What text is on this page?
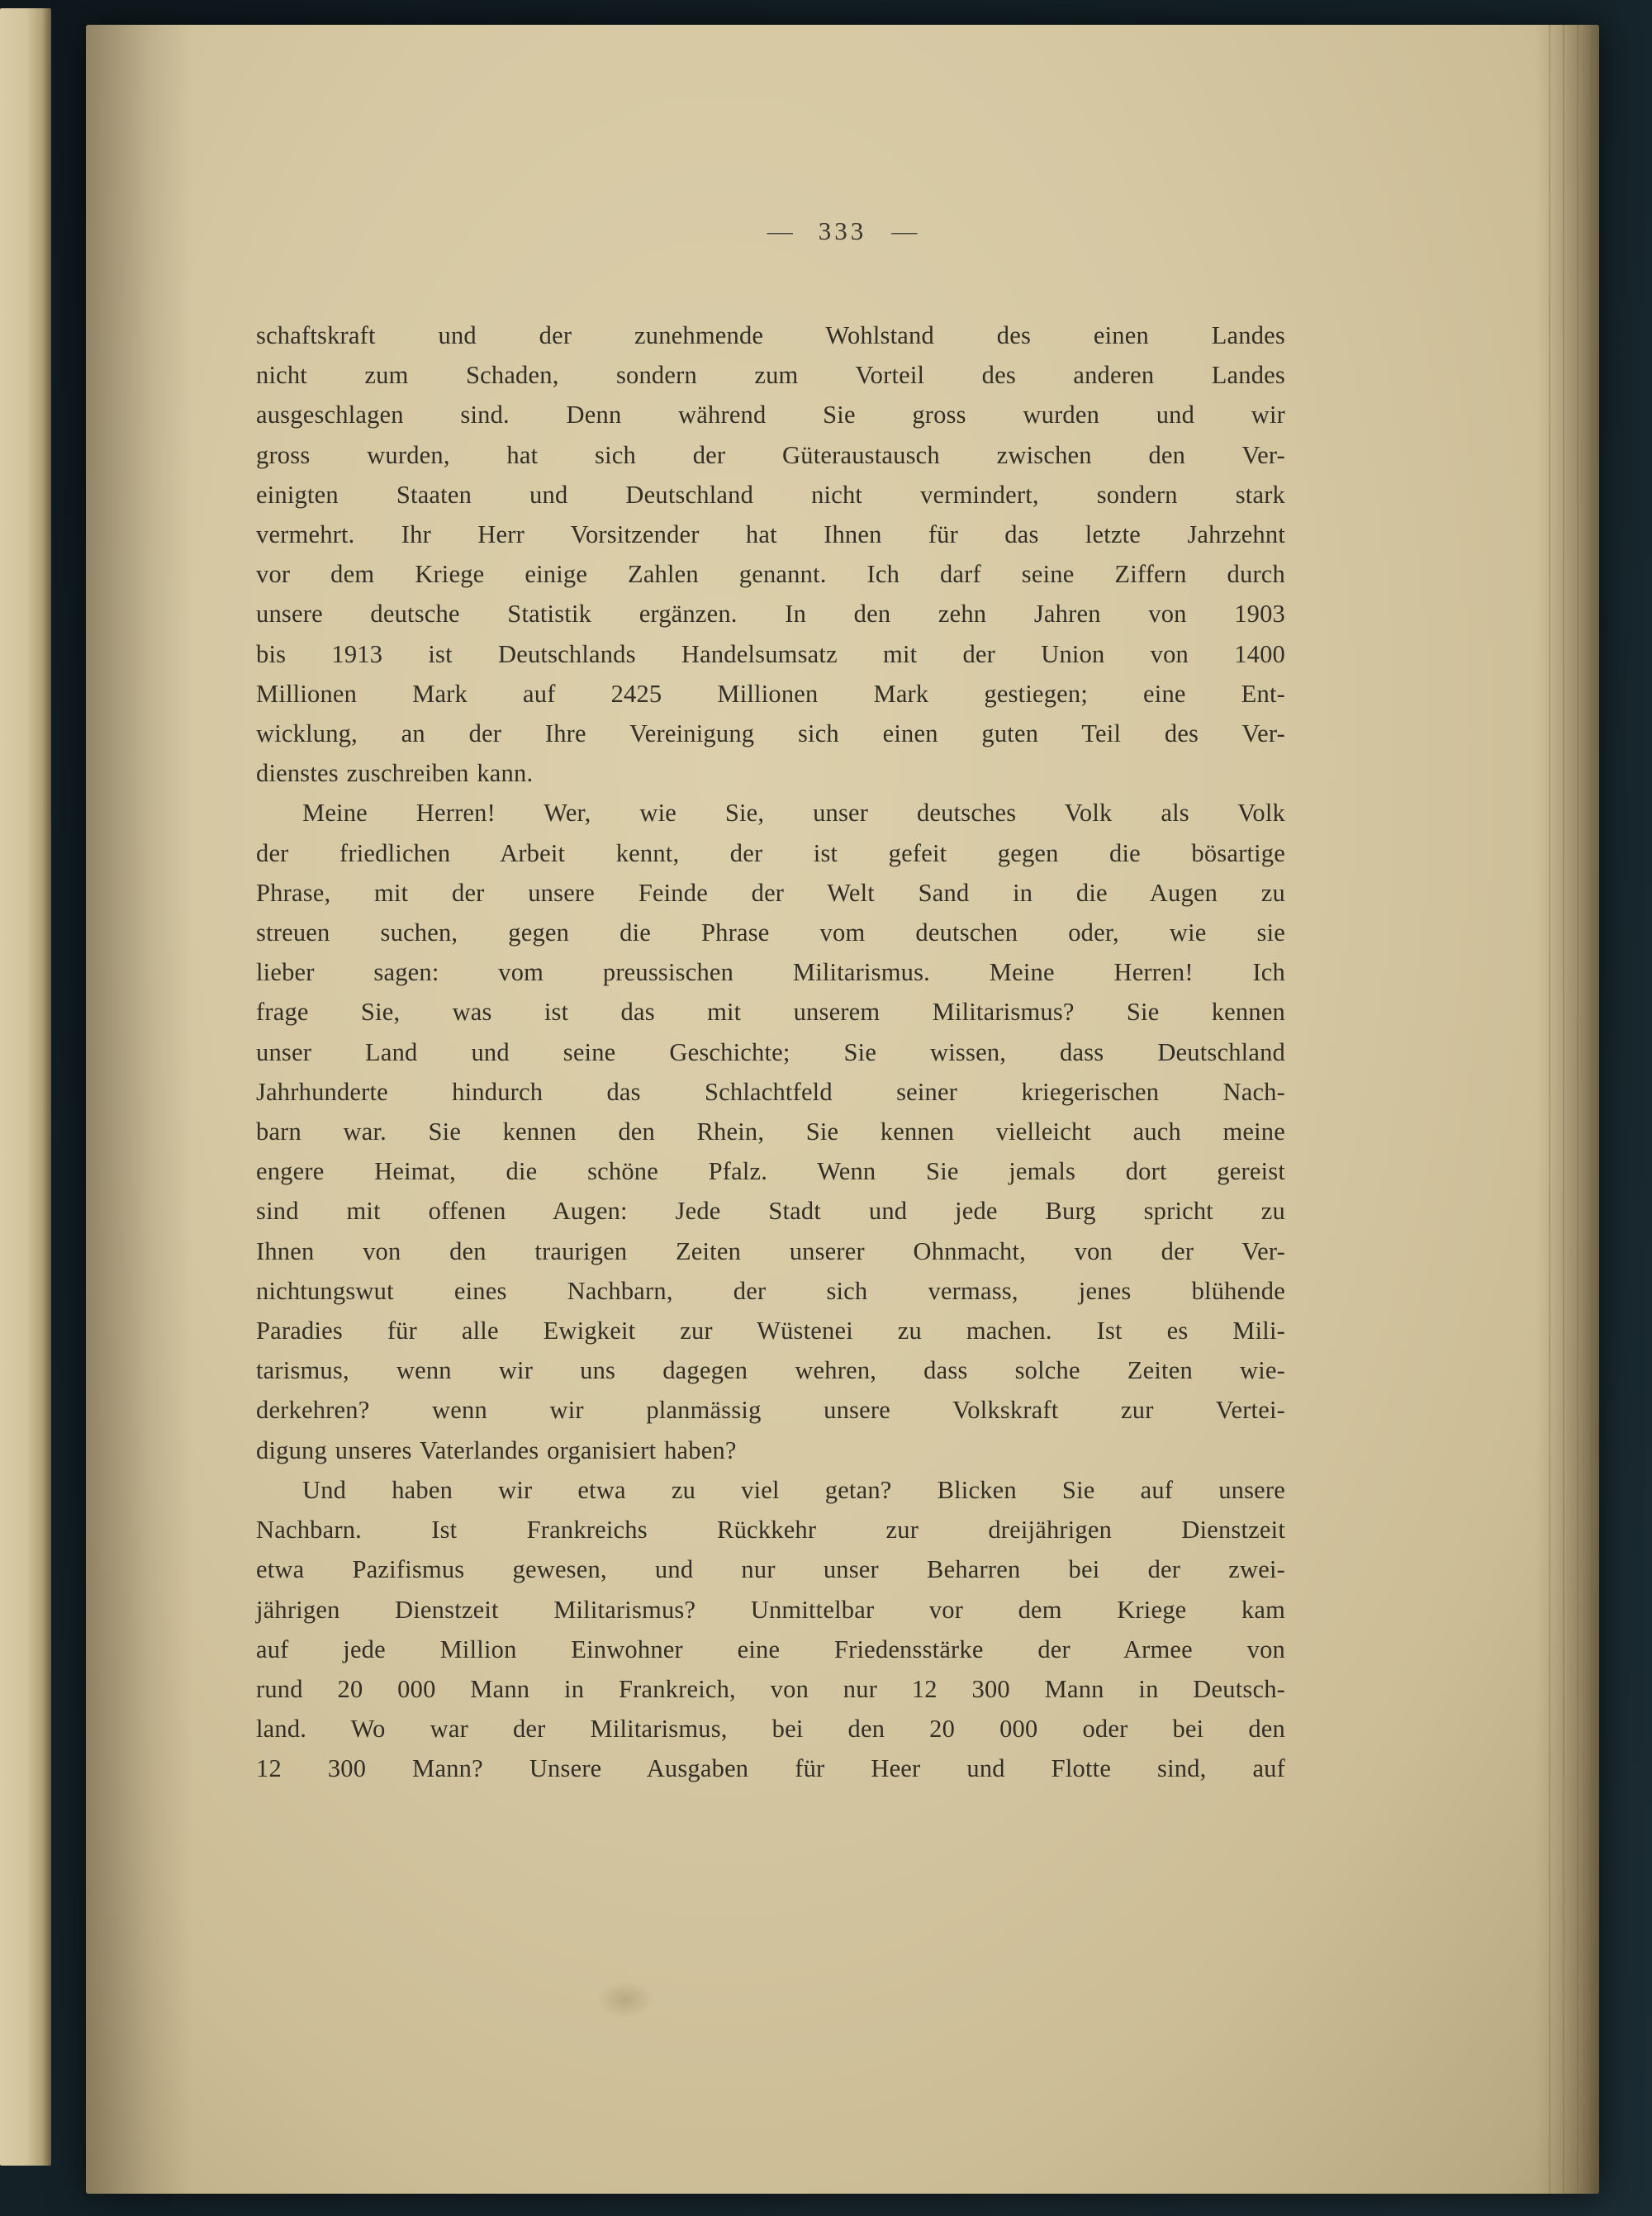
— 333 —

schaftskraft und der zunehmende Wohlstand des einen Landes
nicht zum Schaden, sondern zum Vorteil des anderen Landes
ausgeschlagen sind. Denn während Sie gross wurden und wir
gross wurden, hat sich der Güteraustausch zwischen den Ver-
einigten Staaten und Deutschland nicht vermindert, sondern stark
vermehrt. Ihr Herr Vorsitzender hat Ihnen für das letzte Jahrzehnt
vor dem Kriege einige Zahlen genannt. Ich darf seine Ziffern durch
unsere deutsche Statistik ergänzen. In den zehn Jahren von 1903
bis 1913 ist Deutschlands Handelsumsatz mit der Union von 1400
Millionen Mark auf 2425 Millionen Mark gestiegen; eine Ent-
wicklung, an der Ihre Vereinigung sich einen guten Teil des Ver-
dienstes zuschreiben kann.

Meine Herren! Wer, wie Sie, unser deutsches Volk als Volk
der friedlichen Arbeit kennt, der ist gefeit gegen die bösartige
Phrase, mit der unsere Feinde der Welt Sand in die Augen zu
streuen suchen, gegen die Phrase vom deutschen oder, wie sie
lieber sagen: vom preussischen Militarismus. Meine Herren! Ich
frage Sie, was ist das mit unserem Militarismus? Sie kennen
unser Land und seine Geschichte; Sie wissen, dass Deutschland
Jahrhunderte hindurch das Schlachtfeld seiner kriegerischen Nach-
barn war. Sie kennen den Rhein, Sie kennen vielleicht auch meine
engere Heimat, die schöne Pfalz. Wenn Sie jemals dort gereist
sind mit offenen Augen: Jede Stadt und jede Burg spricht zu
Ihnen von den traurigen Zeiten unserer Ohnmacht, von der Ver-
nichtungswut eines Nachbarn, der sich vermass, jenes blühende
Paradies für alle Ewigkeit zur Wüstenei zu machen. Ist es Mili-
tarismus, wenn wir uns dagegen wehren, dass solche Zeiten wie-
derkehren? wenn wir planmässig unsere Volkskraft zur Vertei-
digung unseres Vaterlandes organisiert haben?

Und haben wir etwa zu viel getan? Blicken Sie auf unsere
Nachbarn. Ist Frankreichs Rückkehr zur dreijährigen Dienstzeit
etwa Pazifismus gewesen, und nur unser Beharren bei der zwei-
jährigen Dienstzeit Militarismus? Unmittelbar vor dem Kriege kam
auf jede Million Einwohner eine Friedensstärke der Armee von
rund 20 000 Mann in Frankreich, von nur 12 300 Mann in Deutsch-
land. Wo war der Militarismus, bei den 20 000 oder bei den
12 300 Mann? Unsere Ausgaben für Heer und Flotte sind, auf
